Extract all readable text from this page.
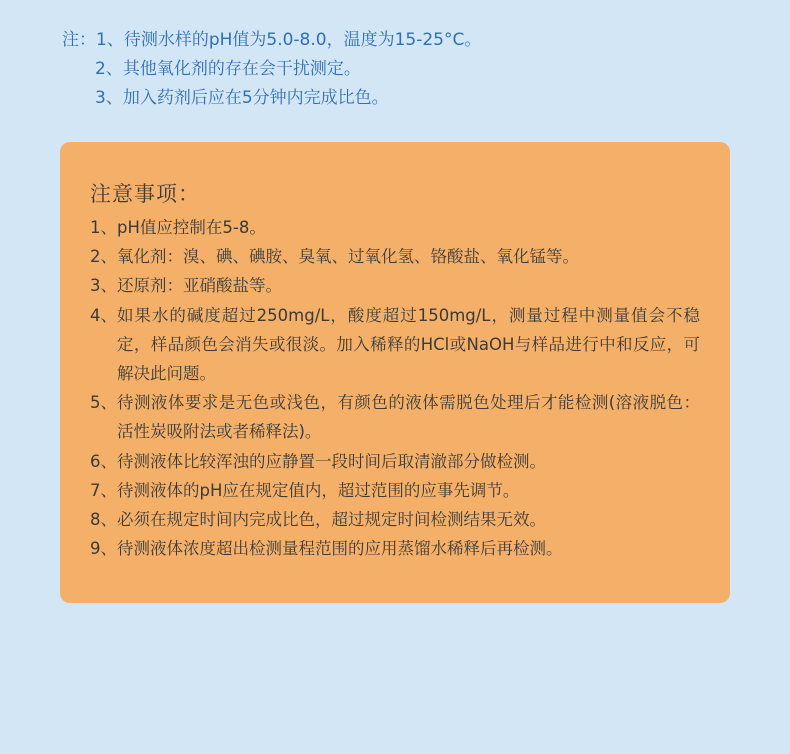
注：1、待测水样的pH值为5.0-8.0，温度为15-25°C。
2、其他氧化剂的存在会干扰测定。
3、加入药剂后应在5分钟内完成比色。
注意事项：
1、 pH值应控制在5-8。
2、 氧化剂：溴、碘、碘胺、臭氧、过氧化氢、铬酸盐、氧化锰等。
3、 还原剂：亚硝酸盐等。
4、 如果水的碱度超过250mg/L，酸度超过150mg/L，测量过程中测量值会不稳定，样品颜色会消失或很淡。加入稀释的HCl或NaOH与样品进行中和反应，可解决此问题。
5、 待测液体要求是无色或浅色，有颜色的液体需脱色处理后才能检测(溶液脱色：活性炭吸附法或者稀释法)。
6、 待测液体比较浑浊的应静置一段时间后取清澈部分做检测。
7、 待测液体的pH应在规定值内，超过范围的应事先调节。
8、 必须在规定时间内完成比色，超过规定时间检测结果无效。
9、 待测液体浓度超出检测量程范围的应用蒸馏水稀释后再检测。
